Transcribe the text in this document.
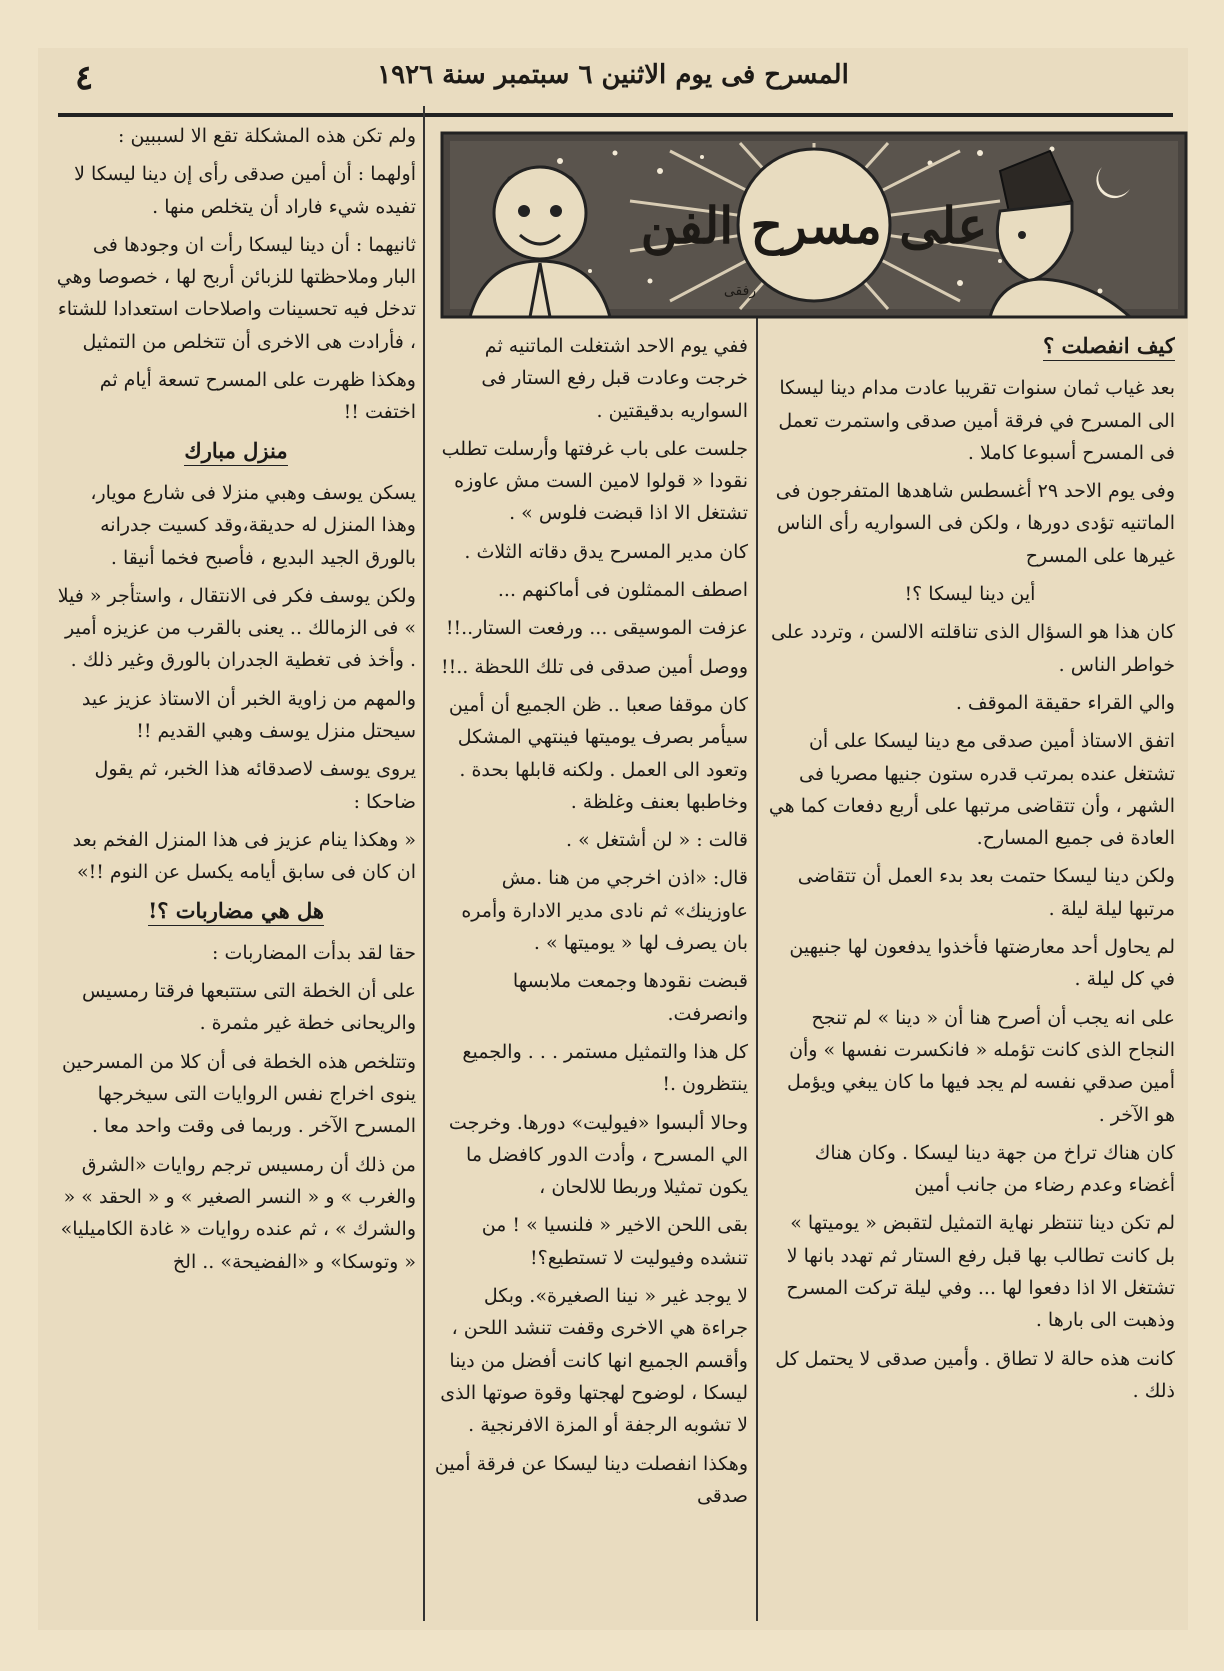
٤	المسرح فى يوم الاثنين ٦ سبتمبر سنة ١٩٢٦
على مسرح الفن
رفقى
كيف انفصلت ؟

بعد غياب ثمان سنوات تقريبا عادت مدام دينا ليسكا الى المسرح في فرقة أمين صدقى واستمرت تعمل فى المسرح أسبوعا كاملا .

وفى يوم الاحد ٢٩ أغسطس شاهدها المتفرجون فى الماتنيه تؤدى دورها ، ولكن فى السواريه رأى الناس غيرها على المسرح

أين دينا ليسكا ؟!

كان هذا هو السؤال الذى تناقلته الالسن ، وتردد على خواطر الناس .

والي القراء حقيقة الموقف .

اتفق الاستاذ أمين صدقى مع دينا ليسكا على أن تشتغل عنده بمرتب قدره ستون جنيها مصريا فى الشهر ، وأن تتقاضى مرتبها على أربع دفعات كما هي العادة فى جميع المسارح.

ولكن دينا ليسكا حتمت بعد بدء العمل أن تتقاضى مرتبها ليلة ليلة .

لم يحاول أحد معارضتها فأخذوا يدفعون لها جنيهين في كل ليلة .

على انه يجب أن أصرح هنا أن « دينا » لم تنجح النجاح الذى كانت تؤمله « فانكسرت نفسها » وأن أمين صدقي نفسه لم يجد فيها ما كان يبغي ويؤمل هو الآخر .

كان هناك تراخ من جهة دينا ليسكا . وكان هناك أغضاء وعدم رضاء من جانب أمين

لم تكن دينا تنتظر نهاية التمثيل لتقبض « يوميتها » بل كانت تطالب بها قبل رفع الستار ثم تهدد بانها لا تشتغل الا اذا دفعوا لها ... وفي ليلة تركت المسرح وذهبت الى بارها .

كانت هذه حالة لا تطاق . وأمين صدقى لا يحتمل كل ذلك .

ففي يوم الاحد اشتغلت الماتنيه ثم خرجت وعادت قبل رفع الستار فى السواريه بدقيقتين .

جلست على باب غرفتها وأرسلت تطلب نقودا « قولوا لامين الست مش عاوزه تشتغل الا اذا قبضت فلوس » .

كان مدير المسرح يدق دقاته الثلاث .

اصطف الممثلون فى أماكنهم ...

عزفت الموسيقى ... ورفعت الستار..!!

ووصل أمين صدقى فى تلك اللحظة ..!!

كان موقفا صعبا .. ظن الجميع أن أمين سيأمر بصرف يوميتها فينتهي المشكل وتعود الى العمل . ولكنه قابلها بحدة . وخاطبها بعنف وغلظة .

قالت : « لن أشتغل » .

قال: «اذن اخرجي من هنا .مش عاوزينك» ثم نادى مدير الادارة وأمره بان يصرف لها « يوميتها » .

قبضت نقودها وجمعت ملابسها وانصرفت.

كل هذا والتمثيل مستمر . . . والجميع ينتظرون .!

وحالا ألبسوا «فيوليت» دورها. وخرجت الي المسرح ، وأدت الدور كافضل ما يكون تمثيلا وربطا للالحان ،

بقى اللحن الاخير « فلنسيا » ! من تنشده وفيوليت لا تستطيع؟!

لا يوجد غير « نينا الصغيرة». وبكل جراءة هي الاخرى وقفت تنشد اللحن ، وأقسم الجميع انها كانت أفضل من دينا ليسكا ، لوضوح لهجتها وقوة صوتها الذى لا تشوبه الرجفة أو المزة الافرنجية .

وهكذا انفصلت دينا ليسكا عن فرقة أمين صدقى

ولم تكن هذه المشكلة تقع الا لسببين :

أولهما : أن أمين صدقى رأى إن دينا ليسكا لا تفيده شيء فاراد أن يتخلص منها .

ثانيهما : أن دينا ليسكا رأت ان وجودها فى البار وملاحظتها للزبائن أربح لها ، خصوصا وهي تدخل فيه تحسينات واصلاحات استعدادا للشتاء ، فأرادت هى الاخرى أن تتخلص من التمثيل

وهكذا ظهرت على المسرح تسعة أيام ثم اختفت !!

منزل مبارك

يسكن يوسف وهبي منزلا فى شارع مويار، وهذا المنزل له حديقة،وقد كسيت جدرانه بالورق الجيد البديع ، فأصبح فخما أنيقا .

ولكن يوسف فكر فى الانتقال ، واستأجر « فيلا » فى الزمالك .. يعنى بالقرب من عزيزه أمير . وأخذ فى تغطية الجدران بالورق وغير ذلك .

والمهم من زاوية الخبر أن الاستاذ عزيز عيد سيحتل منزل يوسف وهبي القديم !!

يروى يوسف لاصدقائه هذا الخبر، ثم يقول ضاحكا :

« وهكذا ينام عزيز فى هذا المنزل الفخم بعد ان كان فى سابق أيامه يكسل عن النوم !!»

هل هي مضاربات ؟!

حقا لقد بدأت المضاربات :

على أن الخطة التى ستتبعها فرقتا رمسيس والريحانى خطة غير مثمرة .

وتتلخص هذه الخطة فى أن كلا من المسرحين ينوى اخراج نفس الروايات التى سيخرجها المسرح الآخر . وربما فى وقت واحد معا .

من ذلك أن رمسيس ترجم روايات «الشرق والغرب » و « النسر الصغير » و « الحقد » « والشرك » ، ثم عنده روايات « غادة الكاميليا» « وتوسكا» و «الفضيحة» .. الخ
